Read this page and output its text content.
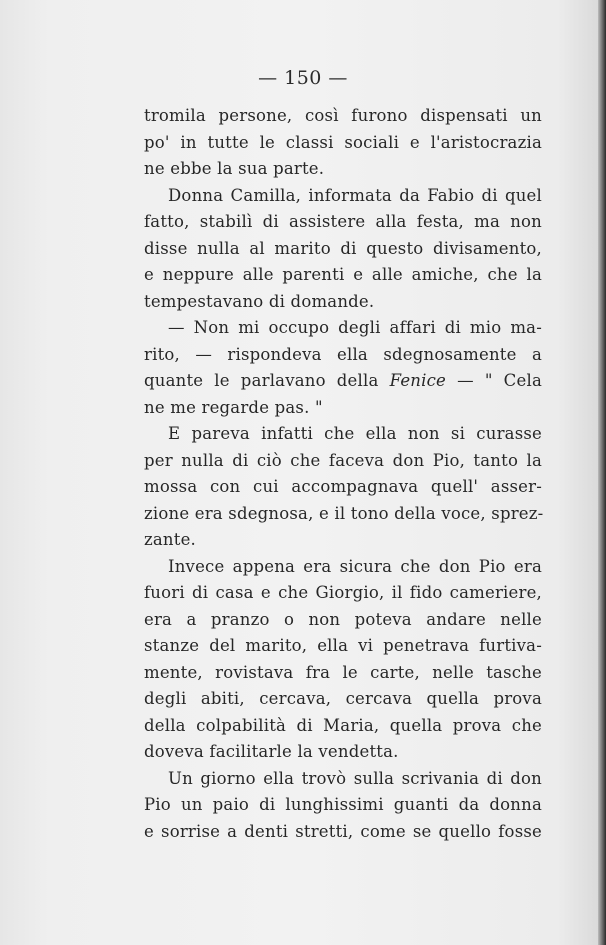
— 150 —

tromila persone, così furono dispensati un
po' in tutte le classi sociali e l'aristocrazia
ne ebbe la sua parte.

Donna Camilla, informata da Fabio di quel
fatto, stabilì di assistere alla festa, ma non
disse nulla al marito di questo divisamento,
e neppure alle parenti e alle amiche, che la
tempestavano di domande.

— Non mi occupo degli affari di mio ma-
rito, — rispondeva ella sdegnosamente a
quante le parlavano della Fenice — " Cela
ne me regarde pas. "

E pareva infatti che ella non si curasse
per nulla di ciò che faceva don Pio, tanto la
mossa con cui accompagnava quell' asser-
zione era sdegnosa, e il tono della voce, sprez-
zante.

Invece appena era sicura che don Pio era
fuori di casa e che Giorgio, il fido cameriere,
era a pranzo o non poteva andare nelle
stanze del marito, ella vi penetrava furtiva-
mente, rovistava fra le carte, nelle tasche
degli abiti, cercava, cercava quella prova
della colpabilità di Maria, quella prova che
doveva facilitarle la vendetta.

Un giorno ella trovò sulla scrivania di don
Pio un paio di lunghissimi guanti da donna
e sorrise a denti stretti, come se quello fosse
